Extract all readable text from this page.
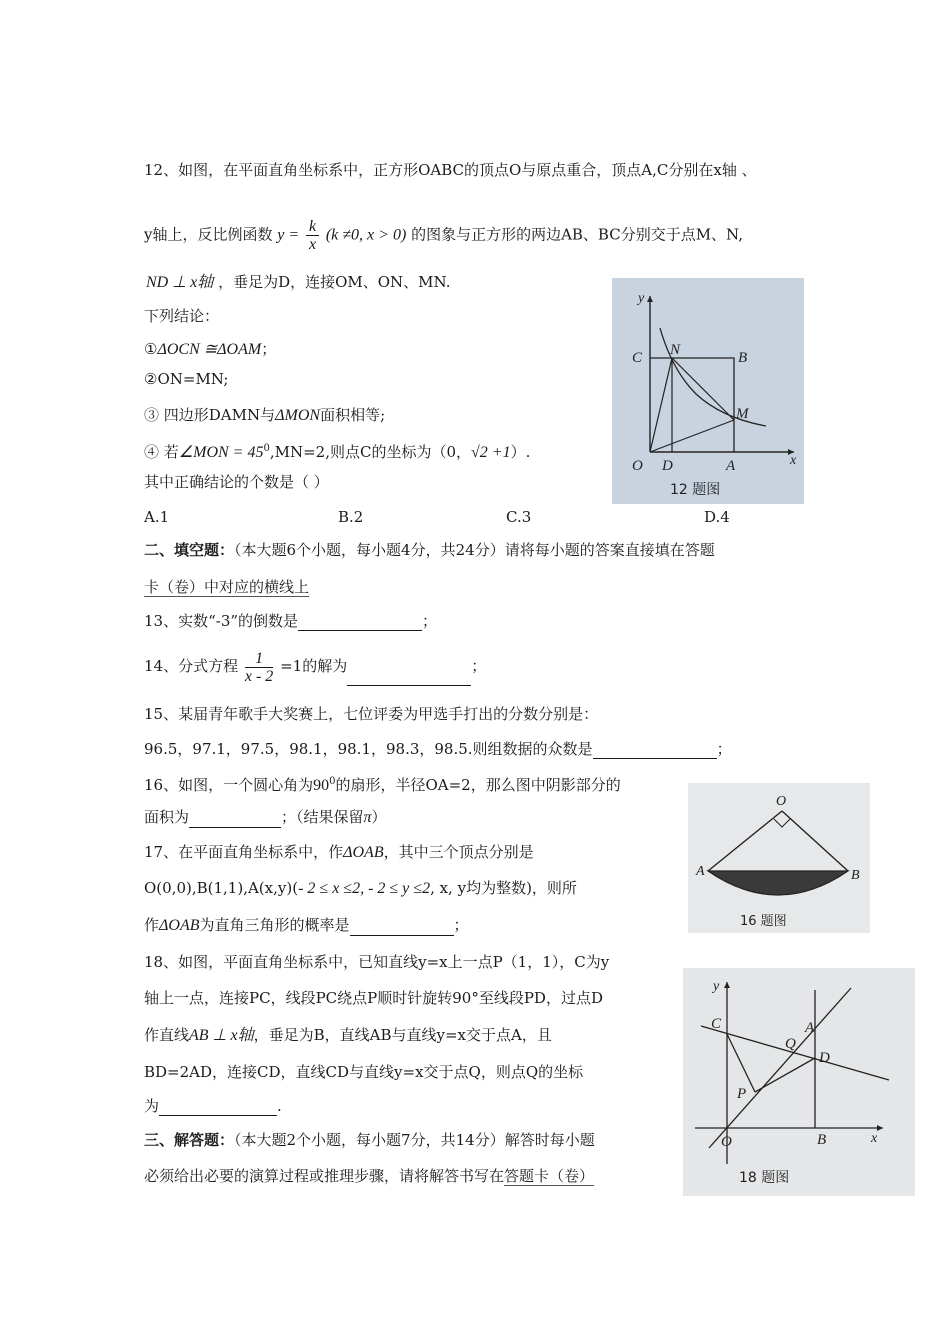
12、如图，在平面直角坐标系中，正方形OABC的顶点O与原点重合，顶点A,C分别在x轴 、
y轴上，反比例函数 $y = \frac{k}{x} (k \ne 0$, x > 0) 的图象与正方形的两边AB、BC分别交于点M、N,
ND ⊥ x轴 ，垂足为D，连接OM、ON、MN.
下列结论：
①ΔOCN ≅ΔOAM；
②ON=MN;
③ 四边形DAMN与ΔMON面积相等;
④ 若∠MON = $45^0,MN=2$,则点C的坐标为（0，√2 +1）.
其中正确结论的个数是（ ）
A.1	B.2	C.3	D.4
y
x
C N	B
M
O D	A
12 题图
二、填空题：（本大题6个小题，每小题4分，共24分）请将每小题的答案直接填在答题
卡（卷）中对应的横线上
13、实数“-3”的倒数是	；
14、分式方程 $\frac{1}{x - 2} =1$的解为	；
15、某届青年歌手大奖赛上，七位评委为甲选手打出的分数分别是：
96.5，97.1，97.5，98.1，98.1，98.3，98.5.则组数据的众数是	；
16、如图，一个圆心角为$90^0$的扇形，半径OA=2，那么图中阴影部分的
面积为	；（结果保留π）
O
A	B
16 题图
17、在平面直角坐标系中，作ΔOAB，其中三个顶点分别是
O(0,0),B(1,1),A(x,y)(- 2 ≤ x ≤2, - 2 ≤ y ≤2, x, y均为整数)，则所
作ΔOAB为直角三角形的概率是	；
18、如图，平面直角坐标系中，已知直线y=x上一点P（1，1），C为y
轴上一点，连接PC，线段PC绕点P顺时针旋转90°至线段PD，过点D
作直线AB ⊥ x轴，垂足为B，直线AB与直线y=x交于点A，且
BD=2AD，连接CD，直线CD与直线y=x交于点Q，则点Q的坐标
为	.
y
x
C	A
Q
D
P
O	B
18 题图
三、解答题：（本大题2个小题，每小题7分，共14分）解答时每小题
必须给出必要的演算过程或推理步骤，请将解答书写在答题卡（卷）
